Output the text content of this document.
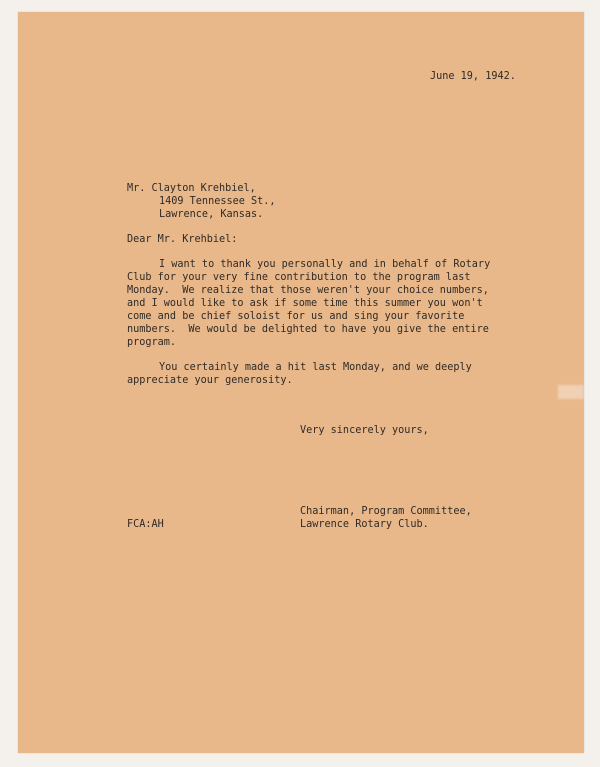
June 19, 1942.
Mr. Clayton Krehbiel,
1409 Tennessee St.,
Lawrence, Kansas.
Dear Mr. Krehbiel:
I want to thank you personally and in behalf of Rotary
Club for your very fine contribution to the program last
Monday.  We realize that those weren't your choice numbers,
and I would like to ask if some time this summer you won't
come and be chief soloist for us and sing your favorite
numbers.  We would be delighted to have you give the entire
program.
You certainly made a hit last Monday, and we deeply
appreciate your generosity.
Very sincerely yours,
Chairman, Program Committee,
Lawrence Rotary Club.
FCA:AH
